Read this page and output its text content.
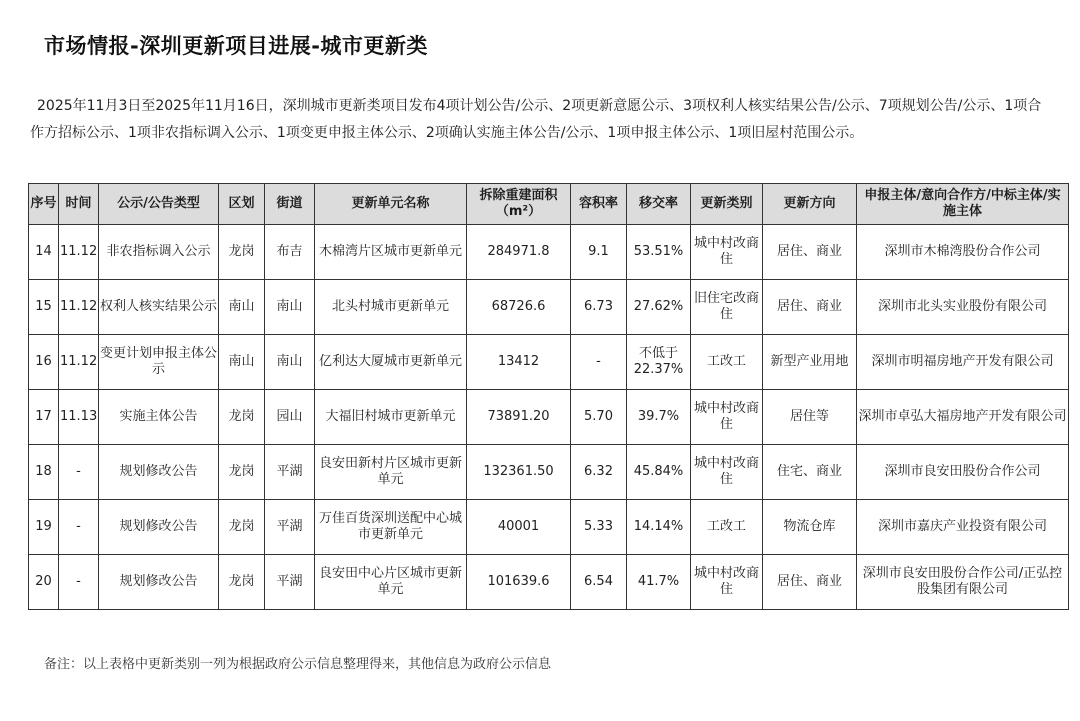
市场情报-深圳更新项目进展-城市更新类

2025年11月3日至2025年11月16日，深圳城市更新类项目发布4项计划公告/公示、2项更新意愿公示、3项权利人核实结果公告/公示、7项规划公告/公示、1项合作方招标公示、1项非农指标调入公示、1项变更申报主体公示、2项确认实施主体公告/公示、1项申报主体公示、1项旧屋村范围公示。

序号	时间	公示/公告类型	区划	街道	更新单元名称	拆除重建面积（m²）	容积率	移交率	更新类别	更新方向	申报主体/意向合作方/中标主体/实施主体
14	11.12	非农指标调入公示	龙岗	布吉	木棉湾片区城市更新单元	284971.8	9.1	53.51%	城中村改商住	居住、商业	深圳市木棉湾股份合作公司
15	11.12	权利人核实结果公示	南山	南山	北头村城市更新单元	68726.6	6.73	27.62%	旧住宅改商住	居住、商业	深圳市北头实业股份有限公司
16	11.12	变更计划申报主体公示	南山	南山	亿利达大厦城市更新单元	13412	-	不低于22.37%	工改工	新型产业用地	深圳市明福房地产开发有限公司
17	11.13	实施主体公告	龙岗	园山	大福旧村城市更新单元	73891.20	5.70	39.7%	城中村改商住	居住等	深圳市卓弘大福房地产开发有限公司
18	-	规划修改公告	龙岗	平湖	良安田新村片区城市更新单元	132361.50	6.32	45.84%	城中村改商住	住宅、商业	深圳市良安田股份合作公司
19	-	规划修改公告	龙岗	平湖	万佳百货深圳送配中心城市更新单元	40001	5.33	14.14%	工改工	物流仓库	深圳市嘉庆产业投资有限公司
20	-	规划修改公告	龙岗	平湖	良安田中心片区城市更新单元	101639.6	6.54	41.7%	城中村改商住	居住、商业	深圳市良安田股份合作公司/正弘控股集团有限公司
备注：以上表格中更新类别一列为根据政府公示信息整理得来，其他信息为政府公示信息
